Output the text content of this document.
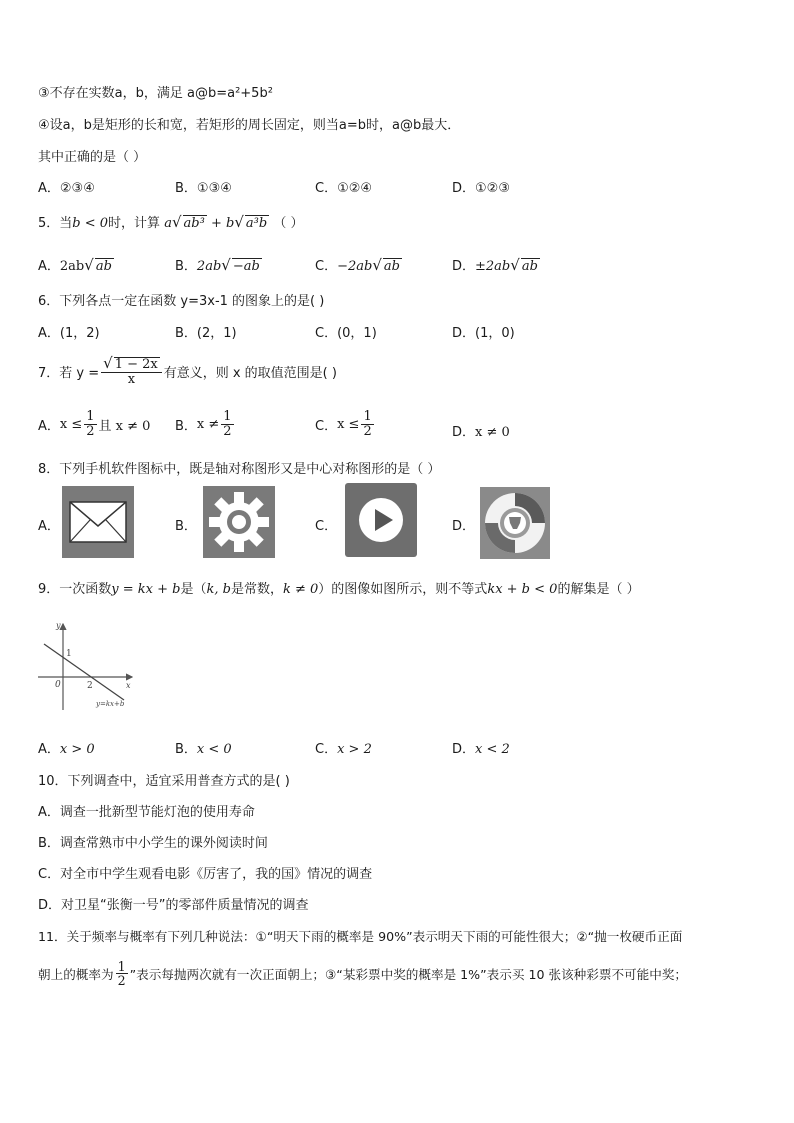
③不存在实数a，b，满足 a@b=a²+5b²
④设a，b是矩形的长和宽，若矩形的周长固定，则当a=b时，a@b最大．
其中正确的是（ ）
A．②③④	B．①③④	C．①②④	D．①②③
5．当b < 0时，计算 a√ ab³ + b√ a³b （ ）
A．2ab√ ab	B．2ab√ −ab	C．−2ab√ ab	D．±2ab√ ab
6．下列各点一定在函数 y=3x-1 的图象上的是( )
A．(1，2)	B．(2，1)	C．(0，1)	D．(1，0)
7．若 $y = \frac{√ 1 - 2x}{x}$ 有意义，则 x 的取值范围是( )
A． $x \le \frac{1}{2}$ 且 x ≠ 0 B． $x \ne \frac{1}{2}$	C． $x \le \frac{1}{2}$	D．x ≠ 0
8．下列手机软件图标中，既是轴对称图形又是中心对称图形的是（ ）
A．	B．	C．	D．
9．一次函数y = kx + b是（k, b是常数，k ≠ 0）的图像如图所示，则不等式kx + b < 0的解集是（ ）
y
x
0
1
2
y=kx+b
A．x > 0	B．x < 0	C．x > 2	D．x < 2
10．下列调查中，适宜采用普查方式的是( )
A．调查一批新型节能灯泡的使用寿命
B．调查常熟市中小学生的课外阅读时间
C．对全市中学生观看电影《厉害了，我的国》情况的调查
D．对卫星“张衡一号”的零部件质量情况的调查
11．关于频率与概率有下列几种说法：①“明天下雨的概率是 90%”表示明天下雨的可能性很大；②“抛一枚硬币正面
朝上的概率为 $\frac{1}{2}$ ”表示每抛两次就有一次正面朝上；③“某彩票中奖的概率是 1%”表示买 10 张该种彩票不可能中奖；
